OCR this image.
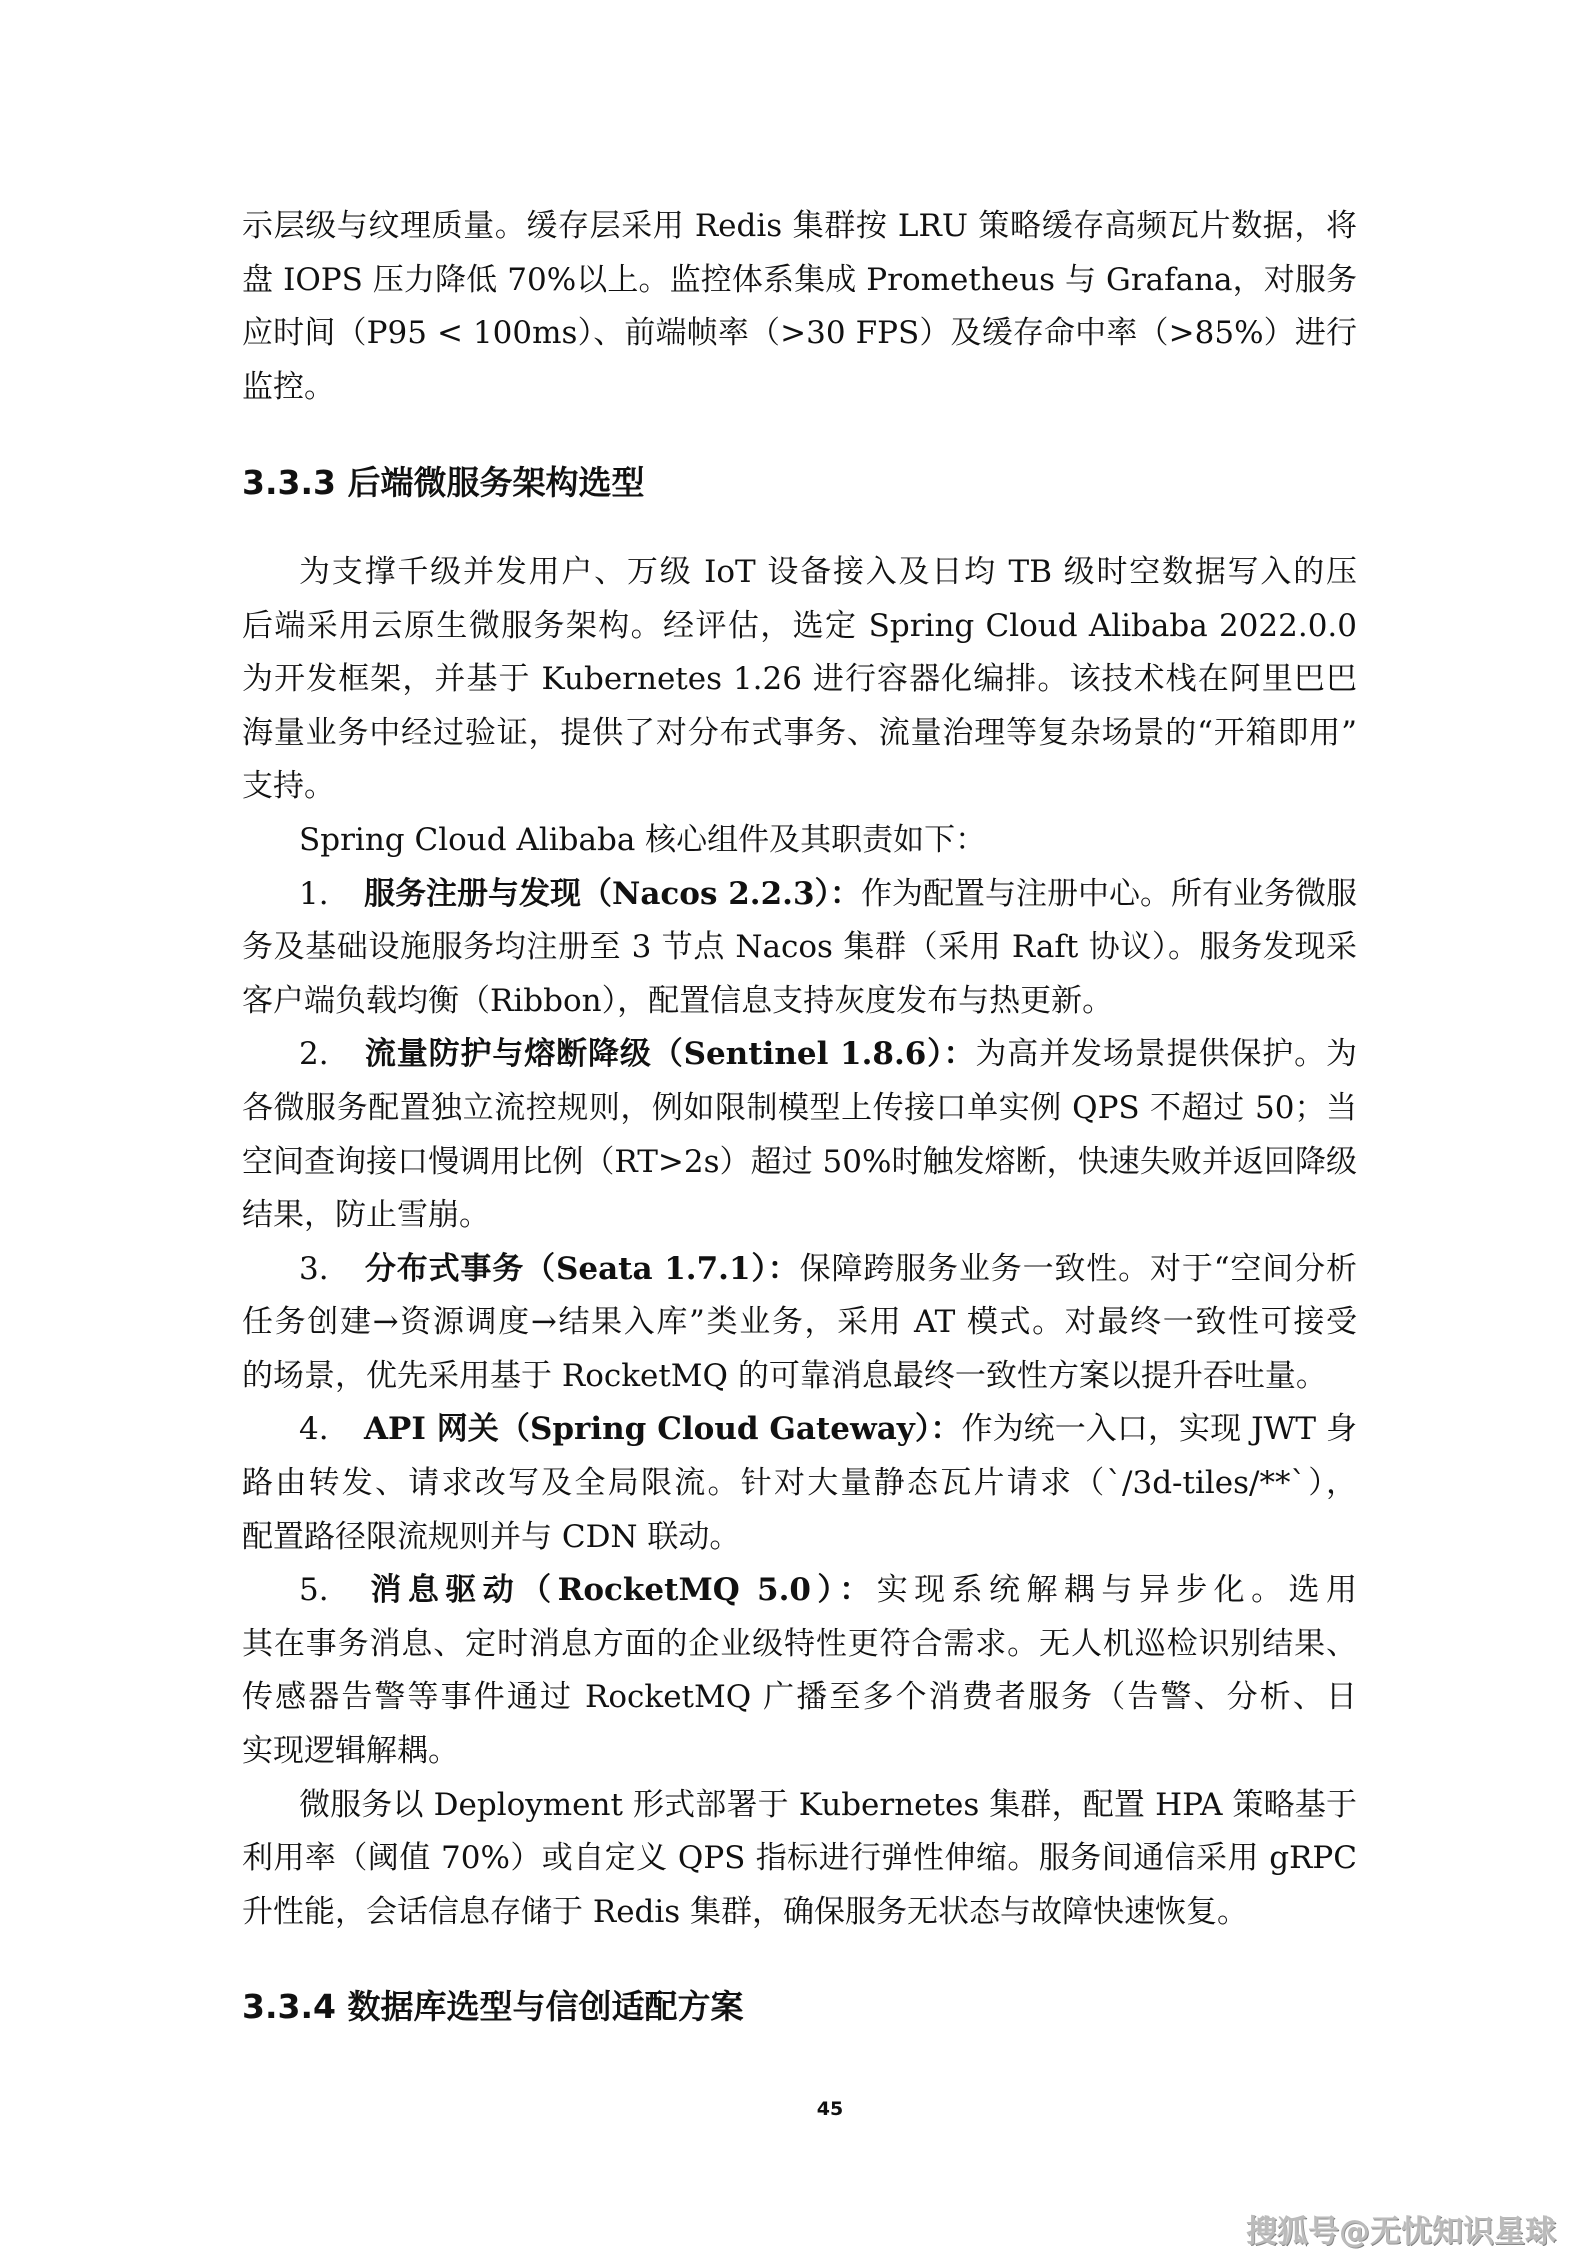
示层级与纹理质量。缓存层采用 Redis 集群按 LRU 策略缓存高频瓦片数据，将
盘 IOPS 压力降低 70%以上。监控体系集成 Prometheus 与 Grafana，对服务
应时间（P95 < 100ms）、前端帧率（>30 FPS）及缓存命中率（>85%）进行
监控。
3.3.3 后端微服务架构选型
为支撑千级并发用户、万级 IoT 设备接入及日均 TB 级时空数据写入的压
后端采用云原生微服务架构。经评估，选定 Spring Cloud Alibaba 2022.0.0
为开发框架，并基于 Kubernetes 1.26 进行容器化编排。该技术栈在阿里巴巴
海量业务中经过验证，提供了对分布式事务、流量治理等复杂场景的“开箱即用”
支持。
Spring Cloud Alibaba 核心组件及其职责如下：
1. 服务注册与发现（Nacos 2.2.3）：作为配置与注册中心。所有业务微服
务及基础设施服务均注册至 3 节点 Nacos 集群（采用 Raft 协议）。服务发现采
客户端负载均衡（Ribbon），配置信息支持灰度发布与热更新。
2. 流量防护与熔断降级（Sentinel 1.8.6）：为高并发场景提供保护。为
各微服务配置独立流控规则，例如限制模型上传接口单实例 QPS 不超过 50；当
空间查询接口慢调用比例（RT>2s）超过 50%时触发熔断，快速失败并返回降级
结果，防止雪崩。
3. 分布式事务（Seata 1.7.1）：保障跨服务业务一致性。对于“空间分析
任务创建→资源调度→结果入库”类业务，采用 AT 模式。对最终一致性可接受
的场景，优先采用基于 RocketMQ 的可靠消息最终一致性方案以提升吞吐量。
4. API 网关（Spring Cloud Gateway）：作为统一入口，实现 JWT 身
路由转发、请求改写及全局限流。针对大量静态瓦片请求（`/3d-tiles/**`），
配置路径限流规则并与 CDN 联动。
5. 消息驱动（RocketMQ 5.0）：实现系统解耦与异步化。选用
其在事务消息、定时消息方面的企业级特性更符合需求。无人机巡检识别结果、
传感器告警等事件通过 RocketMQ 广播至多个消费者服务（告警、分析、日
实现逻辑解耦。
微服务以 Deployment 形式部署于 Kubernetes 集群，配置 HPA 策略基于
利用率（阈值 70%）或自定义 QPS 指标进行弹性伸缩。服务间通信采用 gRPC
升性能，会话信息存储于 Redis 集群，确保服务无状态与故障快速恢复。
3.3.4 数据库选型与信创适配方案
45
搜狐号@无忧知识星球
